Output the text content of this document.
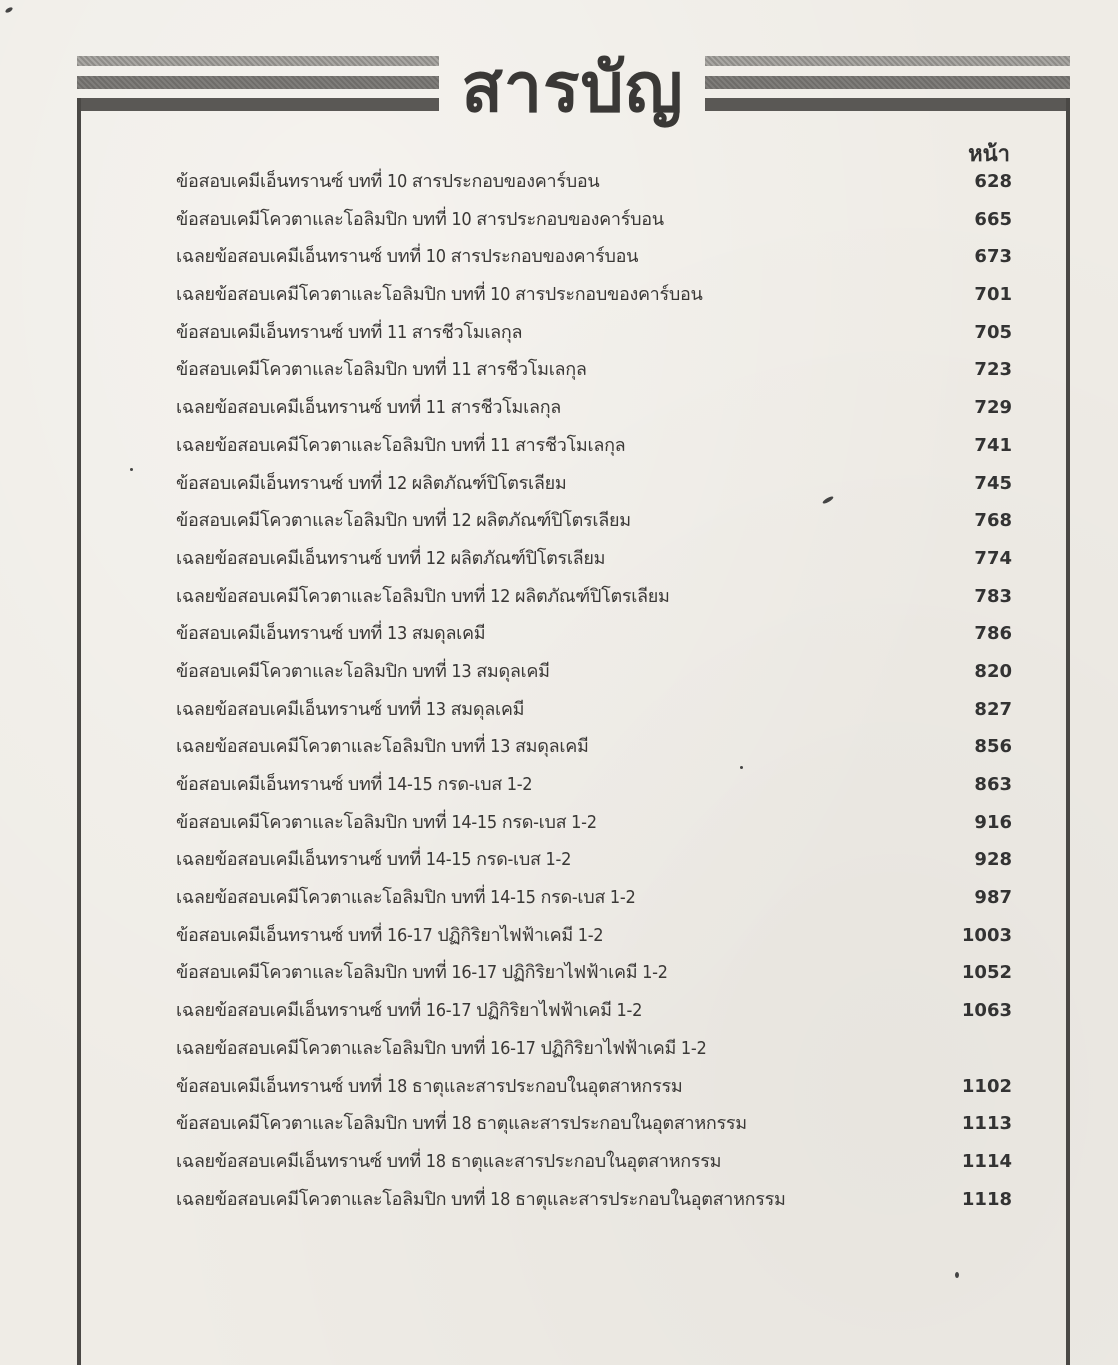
สารบัญ
หน้า
ข้อสอบเคมีเอ็นทรานซ์ บทที่ 10 สารประกอบของคาร์บอน	628
ข้อสอบเคมีโควตาและโอลิมปิก บทที่ 10 สารประกอบของคาร์บอน	665
เฉลยข้อสอบเคมีเอ็นทรานซ์ บทที่ 10 สารประกอบของคาร์บอน	673
เฉลยข้อสอบเคมีโควตาและโอลิมปิก บทที่ 10 สารประกอบของคาร์บอน	701
ข้อสอบเคมีเอ็นทรานซ์ บทที่ 11 สารชีวโมเลกุล	705
ข้อสอบเคมีโควตาและโอลิมปิก บทที่ 11 สารชีวโมเลกุล	723
เฉลยข้อสอบเคมีเอ็นทรานซ์ บทที่ 11 สารชีวโมเลกุล	729
เฉลยข้อสอบเคมีโควตาและโอลิมปิก บทที่ 11 สารชีวโมเลกุล	741
ข้อสอบเคมีเอ็นทรานซ์ บทที่ 12 ผลิตภัณฑ์ปิโตรเลียม	745
ข้อสอบเคมีโควตาและโอลิมปิก บทที่ 12 ผลิตภัณฑ์ปิโตรเลียม	768
เฉลยข้อสอบเคมีเอ็นทรานซ์ บทที่ 12 ผลิตภัณฑ์ปิโตรเลียม	774
เฉลยข้อสอบเคมีโควตาและโอลิมปิก บทที่ 12 ผลิตภัณฑ์ปิโตรเลียม	783
ข้อสอบเคมีเอ็นทรานซ์ บทที่ 13 สมดุลเคมี	786
ข้อสอบเคมีโควตาและโอลิมปิก บทที่ 13 สมดุลเคมี	820
เฉลยข้อสอบเคมีเอ็นทรานซ์ บทที่ 13 สมดุลเคมี	827
เฉลยข้อสอบเคมีโควตาและโอลิมปิก บทที่ 13 สมดุลเคมี	856
ข้อสอบเคมีเอ็นทรานซ์ บทที่ 14-15 กรด-เบส 1-2	863
ข้อสอบเคมีโควตาและโอลิมปิก บทที่ 14-15 กรด-เบส 1-2	916
เฉลยข้อสอบเคมีเอ็นทรานซ์ บทที่ 14-15 กรด-เบส 1-2	928
เฉลยข้อสอบเคมีโควตาและโอลิมปิก บทที่ 14-15 กรด-เบส 1-2	987
ข้อสอบเคมีเอ็นทรานซ์ บทที่ 16-17 ปฏิกิริยาไฟฟ้าเคมี 1-2	1003
ข้อสอบเคมีโควตาและโอลิมปิก บทที่ 16-17 ปฏิกิริยาไฟฟ้าเคมี 1-2	1052
เฉลยข้อสอบเคมีเอ็นทรานซ์ บทที่ 16-17 ปฏิกิริยาไฟฟ้าเคมี 1-2	1063
เฉลยข้อสอบเคมีโควตาและโอลิมปิก บทที่ 16-17 ปฏิกิริยาไฟฟ้าเคมี 1-2
ข้อสอบเคมีเอ็นทรานซ์ บทที่ 18 ธาตุและสารประกอบในอุตสาหกรรม	1102
ข้อสอบเคมีโควตาและโอลิมปิก บทที่ 18 ธาตุและสารประกอบในอุตสาหกรรม	1113
เฉลยข้อสอบเคมีเอ็นทรานซ์ บทที่ 18 ธาตุและสารประกอบในอุตสาหกรรม	1114
เฉลยข้อสอบเคมีโควตาและโอลิมปิก บทที่ 18 ธาตุและสารประกอบในอุตสาหกรรม	1118
